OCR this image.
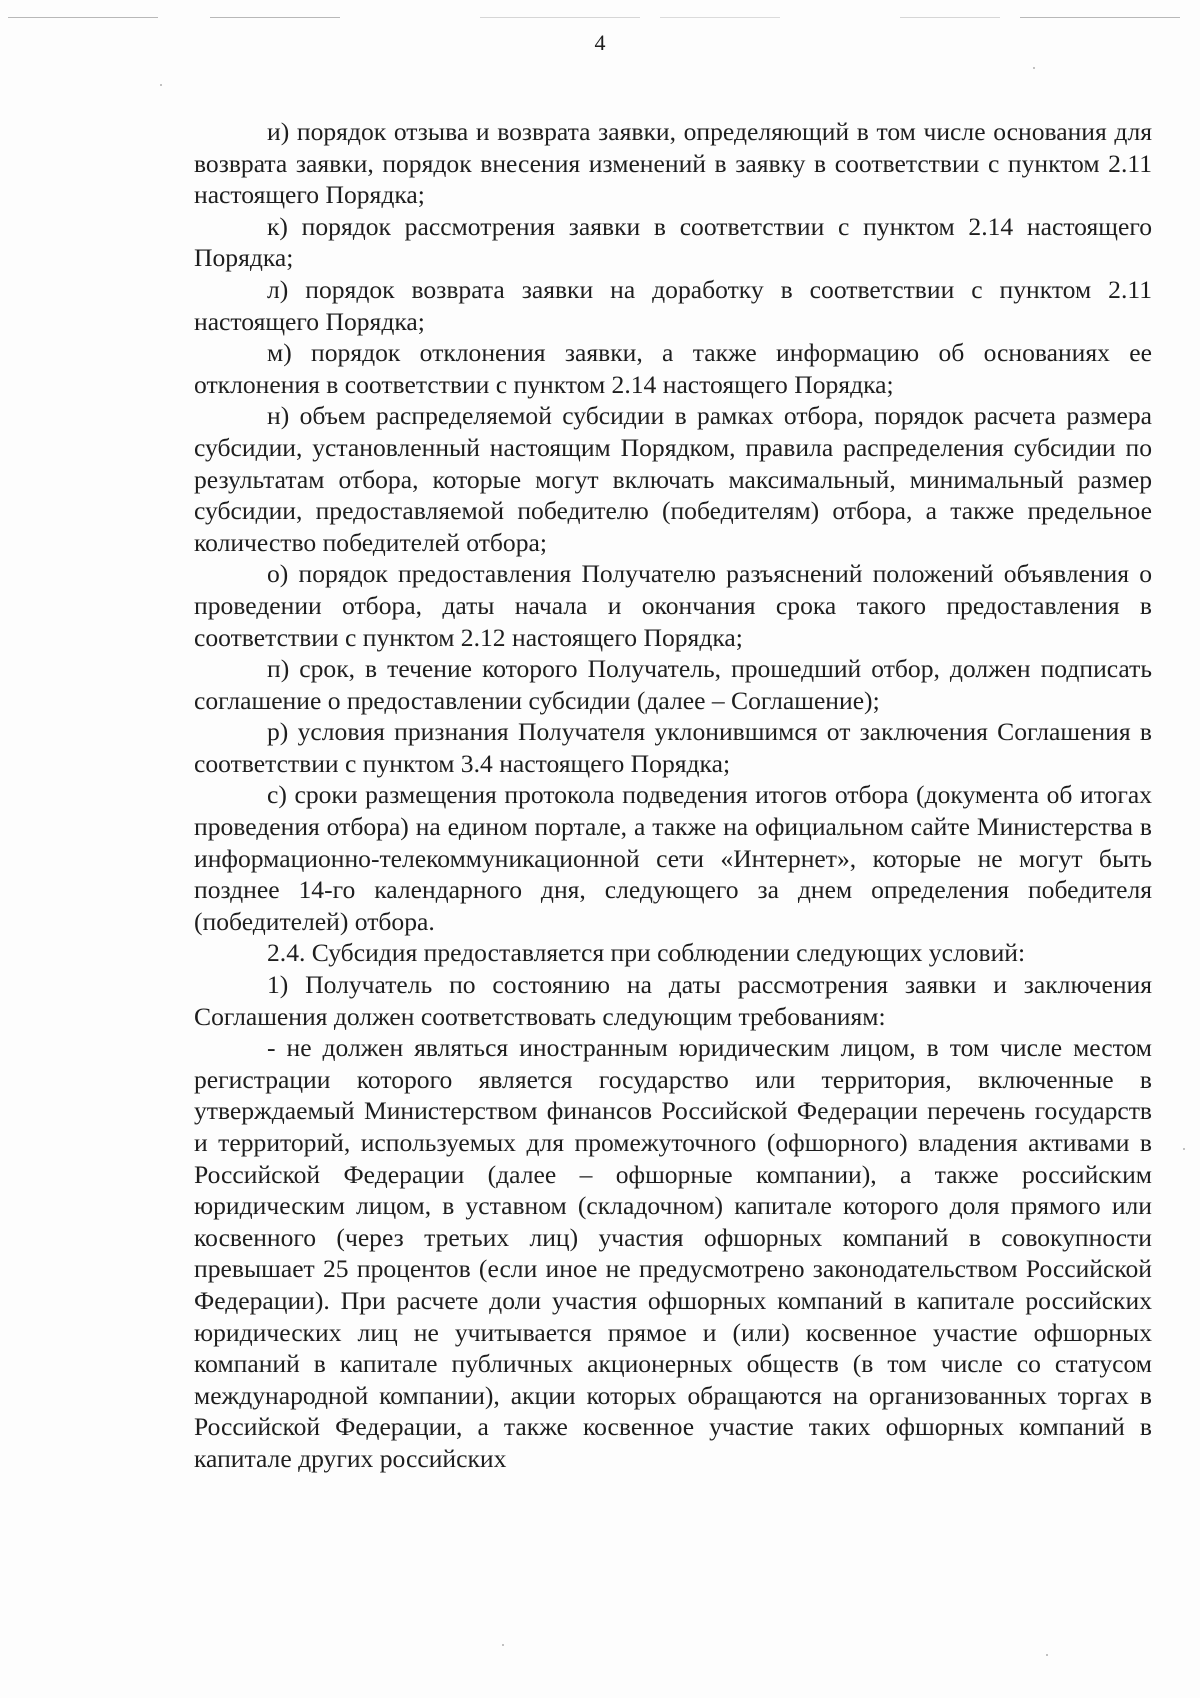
4

и) порядок отзыва и возврата заявки, определяющий в том числе основания для возврата заявки, порядок внесения изменений в заявку в соответствии с пунктом 2.11 настоящего Порядка;

к) порядок рассмотрения заявки в соответствии с пунктом 2.14 настоящего Порядка;

л) порядок возврата заявки на доработку в соответствии с пунктом 2.11 настоящего Порядка;

м) порядок отклонения заявки, а также информацию об основаниях ее отклонения в соответствии с пунктом 2.14 настоящего Порядка;

н) объем распределяемой субсидии в рамках отбора, порядок расчета размера субсидии, установленный настоящим Порядком, правила распределения субсидии по результатам отбора, которые могут включать максимальный, минимальный размер субсидии, предоставляемой победителю (победителям) отбора, а также предельное количество победителей отбора;

о) порядок предоставления Получателю разъяснений положений объявления о проведении отбора, даты начала и окончания срока такого предоставления в соответствии с пунктом 2.12 настоящего Порядка;

п) срок, в течение которого Получатель, прошедший отбор, должен подписать соглашение о предоставлении субсидии (далее – Соглашение);

р) условия признания Получателя уклонившимся от заключения Соглашения в соответствии с пунктом 3.4 настоящего Порядка;

с) сроки размещения протокола подведения итогов отбора (документа об итогах проведения отбора) на едином портале, а также на официальном сайте Министерства в информационно-телекоммуникационной сети «Интернет», которые не могут быть позднее 14-го календарного дня, следующего за днем определения победителя (победителей) отбора.

2.4. Субсидия предоставляется при соблюдении следующих условий:

1) Получатель по состоянию на даты рассмотрения заявки и заключения Соглашения должен соответствовать следующим требованиям:

- не должен являться иностранным юридическим лицом, в том числе местом регистрации которого является государство или территория, включенные в утверждаемый Министерством финансов Российской Федерации перечень государств и территорий, используемых для промежуточного (офшорного) владения активами в Российской Федерации (далее – офшорные компании), а также российским юридическим лицом, в уставном (складочном) капитале которого доля прямого или косвенного (через третьих лиц) участия офшорных компаний в совокупности превышает 25 процентов (если иное не предусмотрено законодательством Российской Федерации). При расчете доли участия офшорных компаний в капитале российских юридических лиц не учитывается прямое и (или) косвенное участие офшорных компаний в капитале публичных акционерных обществ (в том числе со статусом международной компании), акции которых обращаются на организованных торгах в Российской Федерации, а также косвенное участие таких офшорных компаний в капитале других российских
